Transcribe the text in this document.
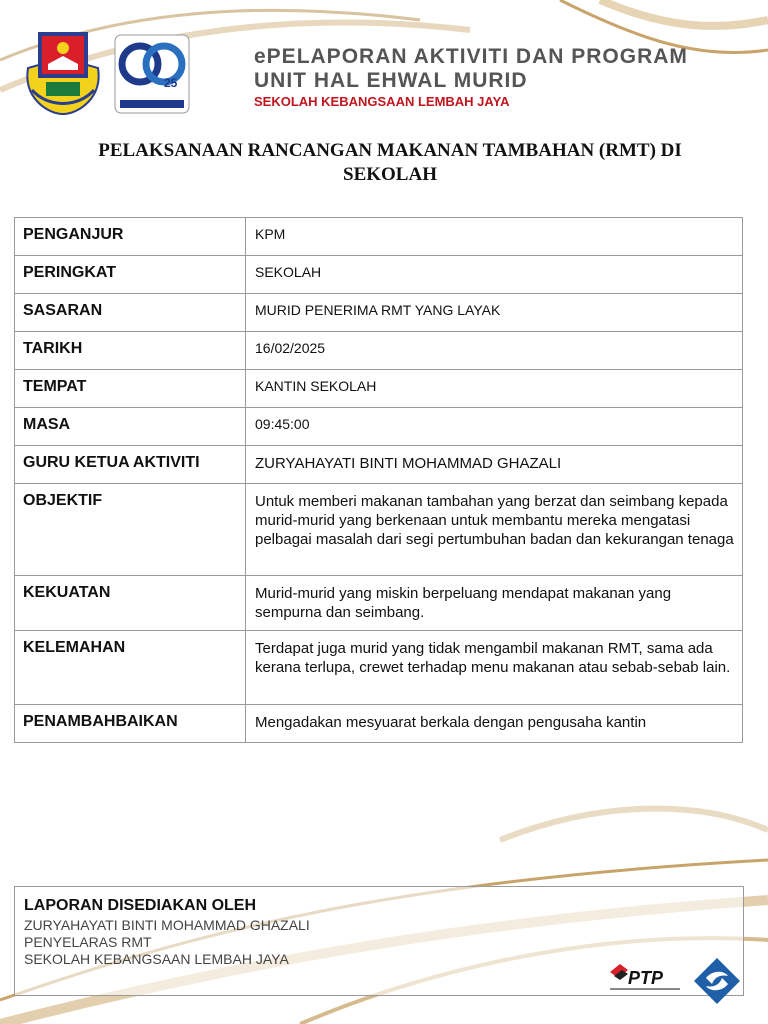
25
ePELAPORAN AKTIVITI DAN PROGRAM
UNIT HAL EHWAL MURID
SEKOLAH KEBANGSAAN LEMBAH JAYA
PELAKSANAAN RANCANGAN MAKANAN TAMBAHAN (RMT) DI SEKOLAH
PENGANJUR	KPM
PERINGKAT	SEKOLAH
SASARAN	MURID PENERIMA RMT YANG LAYAK
TARIKH	16/02/2025
TEMPAT	KANTIN SEKOLAH
MASA	09:45:00
GURU KETUA AKTIVITI	ZURYAHAYATI BINTI MOHAMMAD GHAZALI
OBJEKTIF	Untuk memberi makanan tambahan yang berzat dan seimbang kepada murid-murid yang berkenaan untuk membantu mereka mengatasi pelbagai masalah dari segi pertumbuhan badan dan kekurangan tenaga
KEKUATAN	Murid-murid yang miskin berpeluang mendapat makanan yang sempurna dan seimbang.
KELEMAHAN	Terdapat juga murid yang tidak mengambil makanan RMT, sama ada kerana terlupa, crewet terhadap menu makanan atau sebab-sebab lain.
PENAMBAHBAIKAN	Mengadakan mesyuarat berkala dengan pengusaha kantin
LAPORAN DISEDIAKAN OLEH
ZURYAHAYATI BINTI MOHAMMAD GHAZALI
PENYELARAS RMT
SEKOLAH KEBANGSAAN LEMBAH JAYA
PTP
